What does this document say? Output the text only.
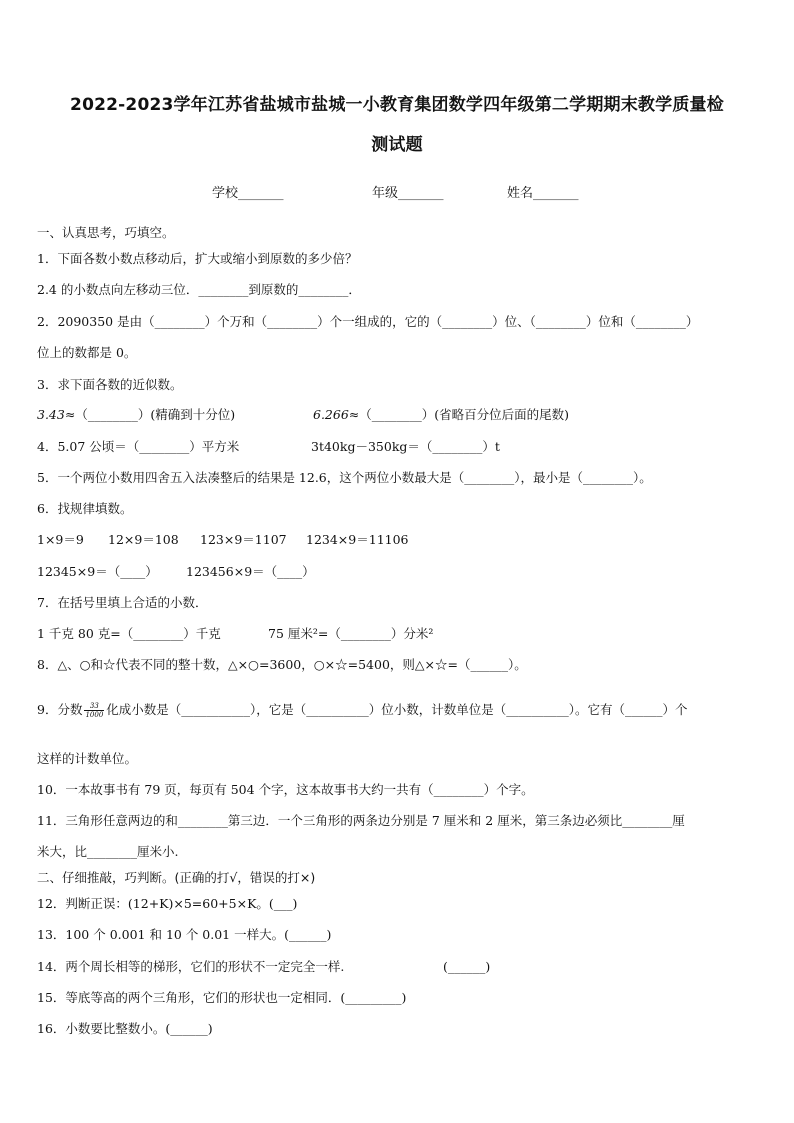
2022-2023学年江苏省盐城市盐城一小教育集团数学四年级第二学期期末教学质量检
测试题
学校_______	年级_______	姓名_______
一、认真思考，巧填空。
1．下面各数小数点移动后，扩大或缩小到原数的多少倍？
2.4 的小数点向左移动三位．________到原数的________．
2．2090350 是由（________）个万和（________）个一组成的，它的（________）位、（________）位和（________）
位上的数都是 0。
3．求下面各数的近似数。
3.43≈（________）(精确到十分位)	6.266≈（________）(省略百分位后面的尾数)
4．5.07 公顷＝（________）平方米	3t40kg－350kg＝（________）t
5．一个两位小数用四舍五入法凑整后的结果是 12.6，这个两位小数最大是（________），最小是（________）。
6．找规律填数。
1×9＝9 12×9＝108 123×9＝1107 1234×9＝11106
12345×9＝（____） 123456×9＝（____）
7．在括号里填上合适的小数．
1 千克 80 克=（________）千克	75 厘米²=（________）分米²
8．△、○和☆代表不同的整十数，△×○=3600，○×☆=5400，则△×☆=（______）。
9．分数 $\frac{33}{1000}$ 化成小数是（___________），它是（__________）位小数，计数单位是（__________）。它有（______）个
这样的计数单位。
10．一本故事书有 79 页，每页有 504 个字，这本故事书大约一共有（________）个字。
11．三角形任意两边的和________第三边．一个三角形的两条边分别是 7 厘米和 2 厘米，第三条边必须比________厘
米大，比________厘米小.
二、仔细推敲，巧判断。(正确的打√，错误的打×)
12．判断正误：(12+K)×5=60+5×K。(___)
13．100 个 0.001 和 10 个 0.01 一样大。(______)
14．两个周长相等的梯形，它们的形状不一定完全一样.	(______)
15．等底等高的两个三角形，它们的形状也一定相同．(_________)
16．小数要比整数小。(______)
